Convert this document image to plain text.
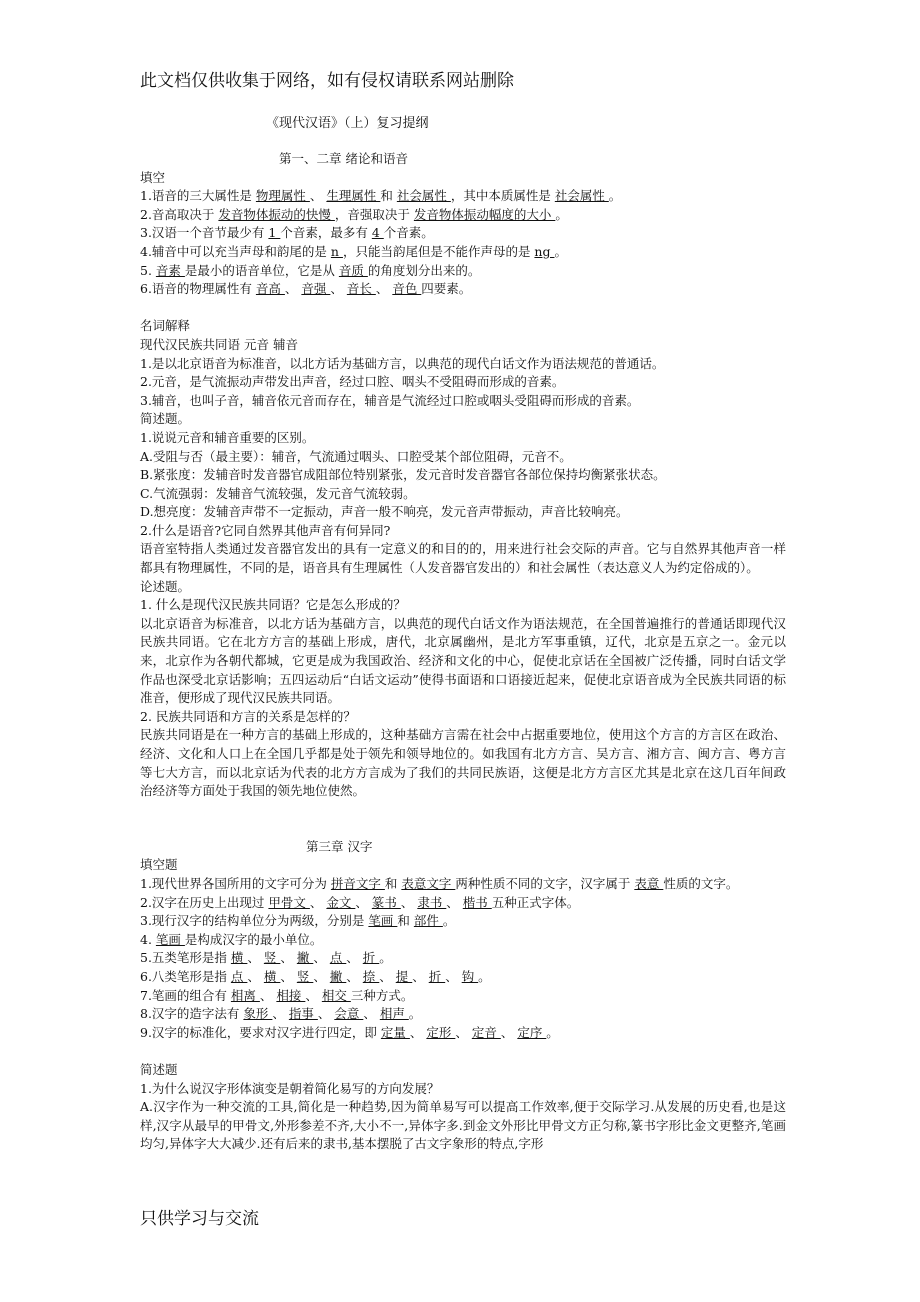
此文档仅供收集于网络，如有侵权请联系网站删除
《现代汉语》（上）复习提纲

第一、二章 绪论和语音

填空

1.语音的三大属性是 物理属性 、 生理属性 和 社会属性 ，其中本质属性是 社会属性 。

2.音高取决于 发音物体振动的快慢 ，音强取决于 发音物体振动幅度的大小 。

3.汉语一个音节最少有 1 个音素，最多有 4 个音素。

4.辅音中可以充当声母和韵尾的是 n ，只能当韵尾但是不能作声母的是 ng 。

5. 音素 是最小的语音单位，它是从 音质 的角度划分出来的。

6.语音的物理属性有 音高 、 音强 、 音长 、 音色 四要素。

名词解释

现代汉民族共同语 元音 辅音

1.是以北京语音为标准音，以北方话为基础方言，以典范的现代白话文作为语法规范的普通话。

2.元音，是气流振动声带发出声音，经过口腔、咽头不受阻碍而形成的音素。

3.辅音，也叫子音，辅音依元音而存在，辅音是气流经过口腔或咽头受阻碍而形成的音素。

简述题。

1.说说元音和辅音重要的区别。

A.受阻与否（最主要）：辅音，气流通过咽头、口腔受某个部位阻碍，元音不。

B.紧张度：发辅音时发音器官成阻部位特别紧张，发元音时发音器官各部位保持均衡紧张状态。

C.气流强弱：发辅音气流较强，发元音气流较弱。

D.想亮度：发辅音声带不一定振动，声音一般不响亮，发元音声带振动，声音比较响亮。

2.什么是语音?它同自然界其他声音有何异同?

语音室特指人类通过发音器官发出的具有一定意义的和目的的，用来进行社会交际的声音。它与自然界其他声音一样都具有物理属性，不同的是，语音具有生理属性（人发音器官发出的）和社会属性（表达意义人为约定俗成的）。

论述题。

1. 什么是现代汉民族共同语？它是怎么形成的？

以北京语音为标准音，以北方话为基础方言，以典范的现代白话文作为语法规范，在全国普遍推行的普通话即现代汉民族共同语。它在北方方言的基础上形成，唐代，北京属幽州，是北方军事重镇，辽代，北京是五京之一。金元以来，北京作为各朝代都城，它更是成为我国政治、经济和文化的中心，促使北京话在全国被广泛传播，同时白话文学作品也深受北京话影响；五四运动后“白话文运动”使得书面语和口语接近起来，促使北京语音成为全民族共同语的标准音，便形成了现代汉民族共同语。

2. 民族共同语和方言的关系是怎样的？

民族共同语是在一种方言的基础上形成的，这种基础方言需在社会中占据重要地位，使用这个方言的方言区在政治、经济、文化和人口上在全国几乎都是处于领先和领导地位的。如我国有北方方言、吴方言、湘方言、闽方言、粤方言等七大方言，而以北京话为代表的北方方言成为了我们的共同民族语，这便是北方方言区尤其是北京在这几百年间政治经济等方面处于我国的领先地位使然。

第三章 汉字

填空题

1.现代世界各国所用的文字可分为 拼音文字 和 表意文字 两种性质不同的文字，汉字属于 表意 性质的文字。

2.汉字在历史上出现过 甲骨文 、 金文 、 篆书 、 隶书 、 楷书 五种正式字体。

3.现行汉字的结构单位分为两级，分别是 笔画 和 部件 。

4. 笔画 是构成汉字的最小单位。

5.五类笔形是指 横 、 竖 、 撇 、 点 、 折 。

6.八类笔形是指 点 、 横 、 竖 、 撇 、 捺 、 提 、 折 、 钩 。

7.笔画的组合有 相离 、 相接 、 相交 三种方式。

8.汉字的造字法有 象形 、 指事 、 会意 、 相声 。

9.汉字的标准化，要求对汉字进行四定，即 定量 、 定形 、 定音 、 定序 。

简述题

1.为什么说汉字形体演变是朝着简化易写的方向发展？

A.汉字作为一种交流的工具,简化是一种趋势,因为简单易写可以提高工作效率,便于交际学习.从发展的历史看,也是这样,汉字从最早的甲骨文,外形参差不齐,大小不一,异体字多.到金文外形比甲骨文方正匀称,篆书字形比金文更整齐,笔画均匀,异体字大大减少.还有后来的隶书,基本摆脱了古文字象形的特点,字形

只供学习与交流
